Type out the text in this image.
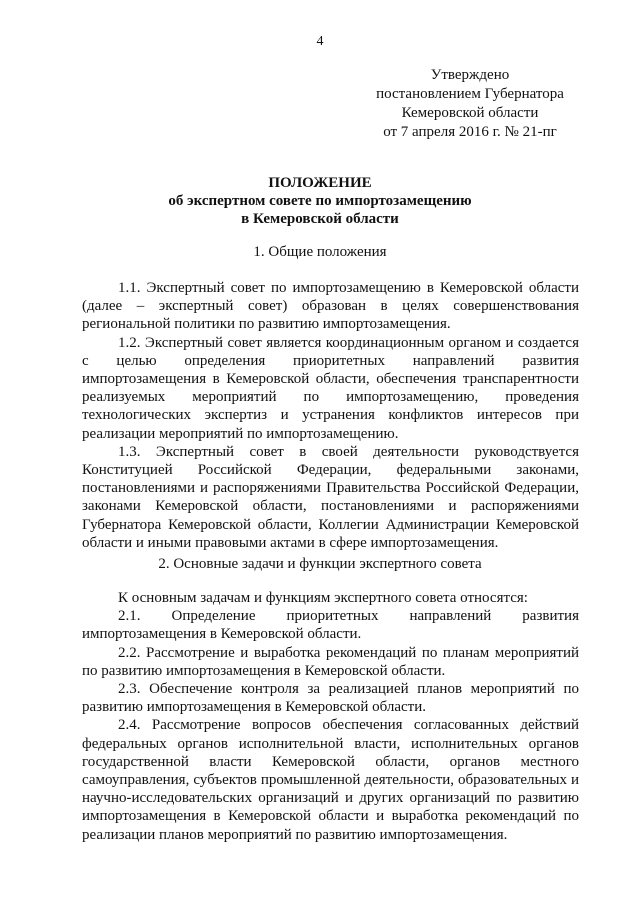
4
Утверждено
постановлением Губернатора
Кемеровской области
от 7 апреля 2016 г. № 21-пг
ПОЛОЖЕНИЕ
об экспертном совете по импортозамещению
в Кемеровской области
1. Общие положения

1.1. Экспертный совет по импортозамещению в Кемеровской области (далее – экспертный совет) образован в целях совершенствования региональной политики по развитию импортозамещения.

1.2. Экспертный совет является координационным органом и создается с целью определения приоритетных направлений развития импортозамещения в Кемеровской области, обеспечения транспарентности реализуемых мероприятий по импортозамещению, проведения технологических экспертиз и устранения конфликтов интересов при реализации мероприятий по импортозамещению.

1.3. Экспертный совет в своей деятельности руководствуется Конституцией Российской Федерации, федеральными законами, постановлениями и распоряжениями Правительства Российской Федерации, законами Кемеровской области, постановлениями и распоряжениями Губернатора Кемеровской области, Коллегии Администрации Кемеровской области и иными правовыми актами в сфере импортозамещения.

2. Основные задачи и функции экспертного совета

К основным задачам и функциям экспертного совета относятся:

2.1. Определение приоритетных направлений развития импортозамещения в Кемеровской области.

2.2. Рассмотрение и выработка рекомендаций по планам мероприятий по развитию импортозамещения в Кемеровской области.

2.3. Обеспечение контроля за реализацией планов мероприятий по развитию импортозамещения в Кемеровской области.

2.4. Рассмотрение вопросов обеспечения согласованных действий федеральных органов исполнительной власти, исполнительных органов государственной власти Кемеровской области, органов местного самоуправления, субъектов промышленной деятельности, образовательных и научно-исследовательских организаций и других организаций по развитию импортозамещения в Кемеровской области и выработка рекомендаций по реализации планов мероприятий по развитию импортозамещения.
